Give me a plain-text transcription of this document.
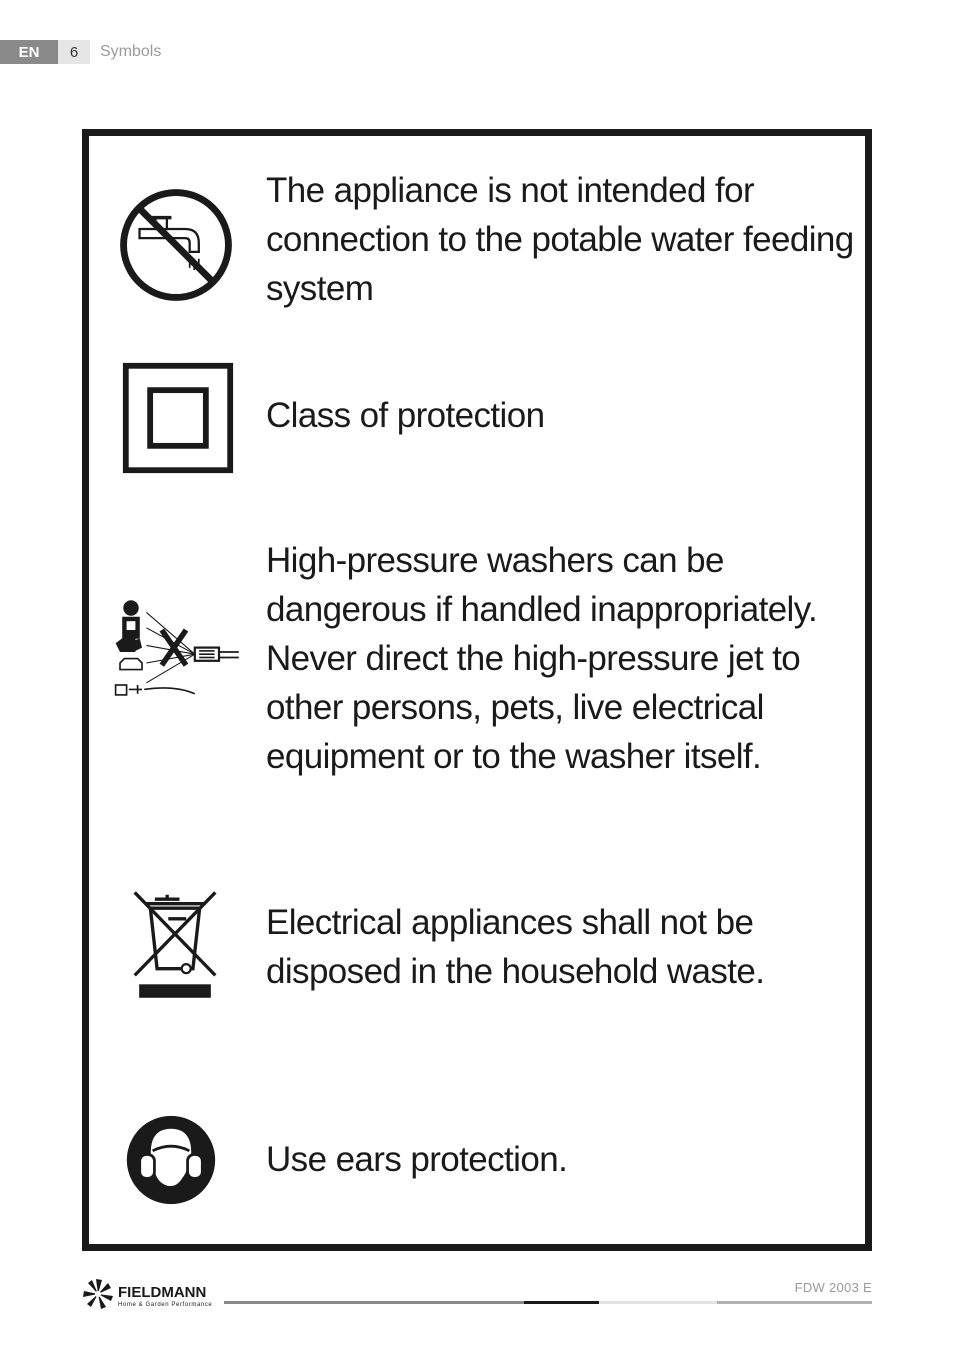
EN	6	Symbols

The appliance is not intended for

connection to the potable water feeding

system

Class of protection

High-pressure washers can be

dangerous if handled inappropriately.

Never direct the high-pressure jet to

other persons, pets, live electrical

equipment or to the washer itself.

Electrical appliances shall not be

disposed in the household waste.

Use ears protection.

FIELDMANN
Home & Garden Performance
FDW 2003 E
